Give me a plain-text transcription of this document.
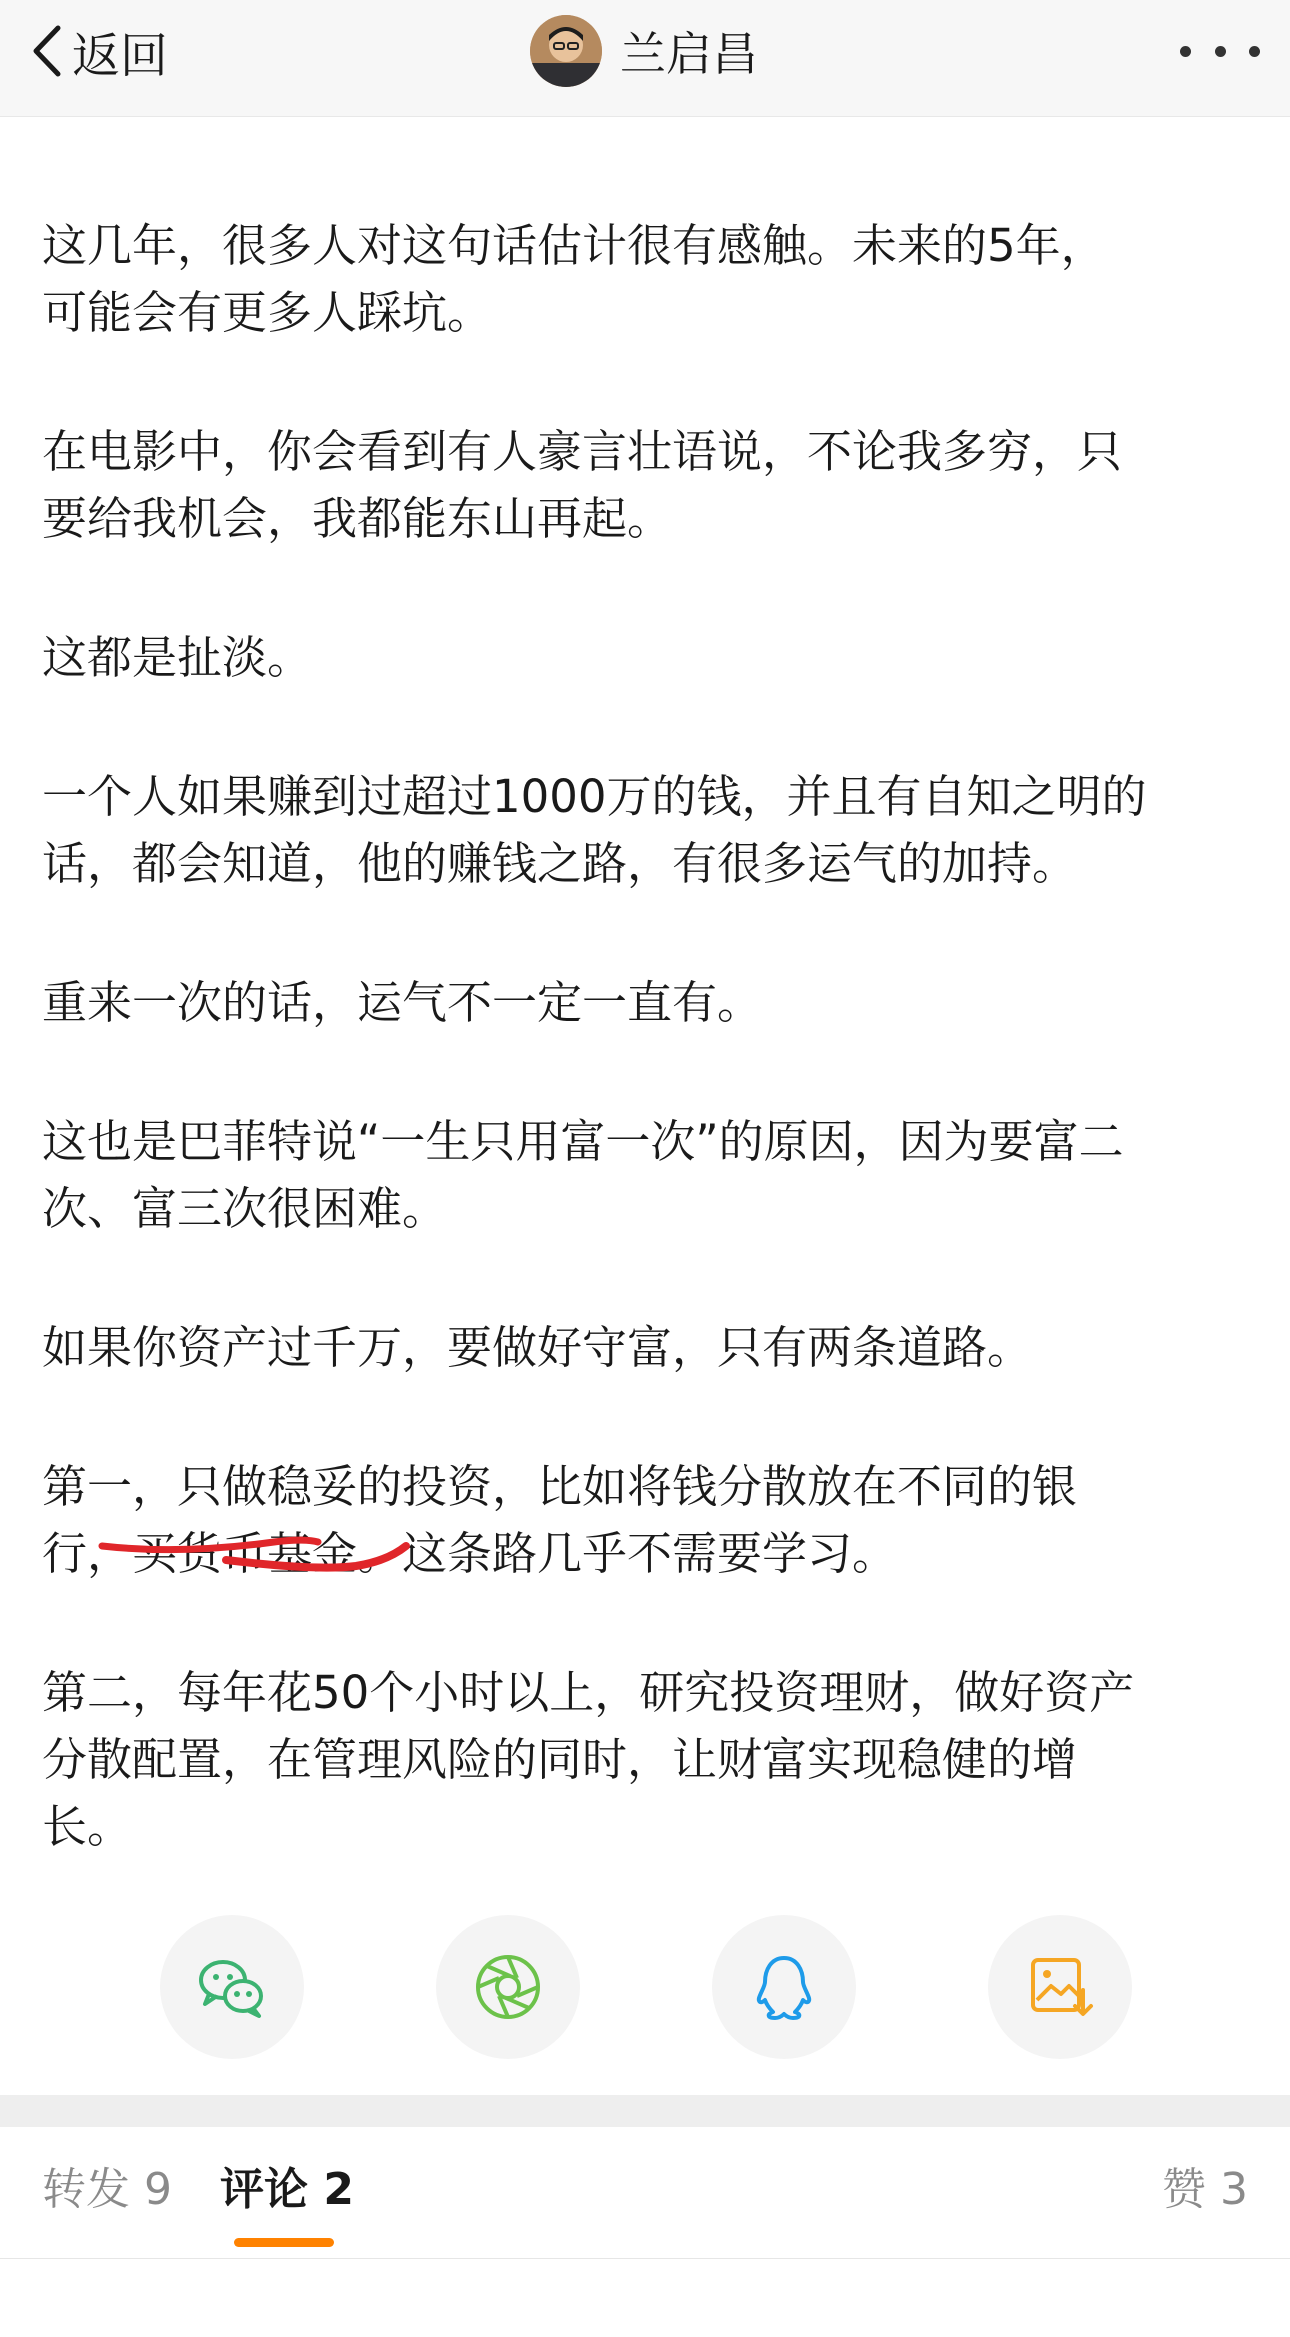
返回	兰启昌
这几年，很多人对这句话估计很有感触。未来的5年，
可能会有更多人踩坑。
在电影中，你会看到有人豪言壮语说，不论我多穷，只
要给我机会，我都能东山再起。
这都是扯淡。
一个人如果赚到过超过1000万的钱，并且有自知之明的
话，都会知道，他的赚钱之路，有很多运气的加持。
重来一次的话，运气不一定一直有。
这也是巴菲特说“一生只用富一次”的原因，因为要富二
次、富三次很困难。
如果你资产过千万，要做好守富，只有两条道路。
第一，只做稳妥的投资，比如将钱分散放在不同的银
行，买货币基金。这条路几乎不需要学习。
第二，每年花50个小时以上，研究投资理财，做好资产
分散配置，在管理风险的同时，让财富实现稳健的增
长。
转发 9 评论 2	赞 3
